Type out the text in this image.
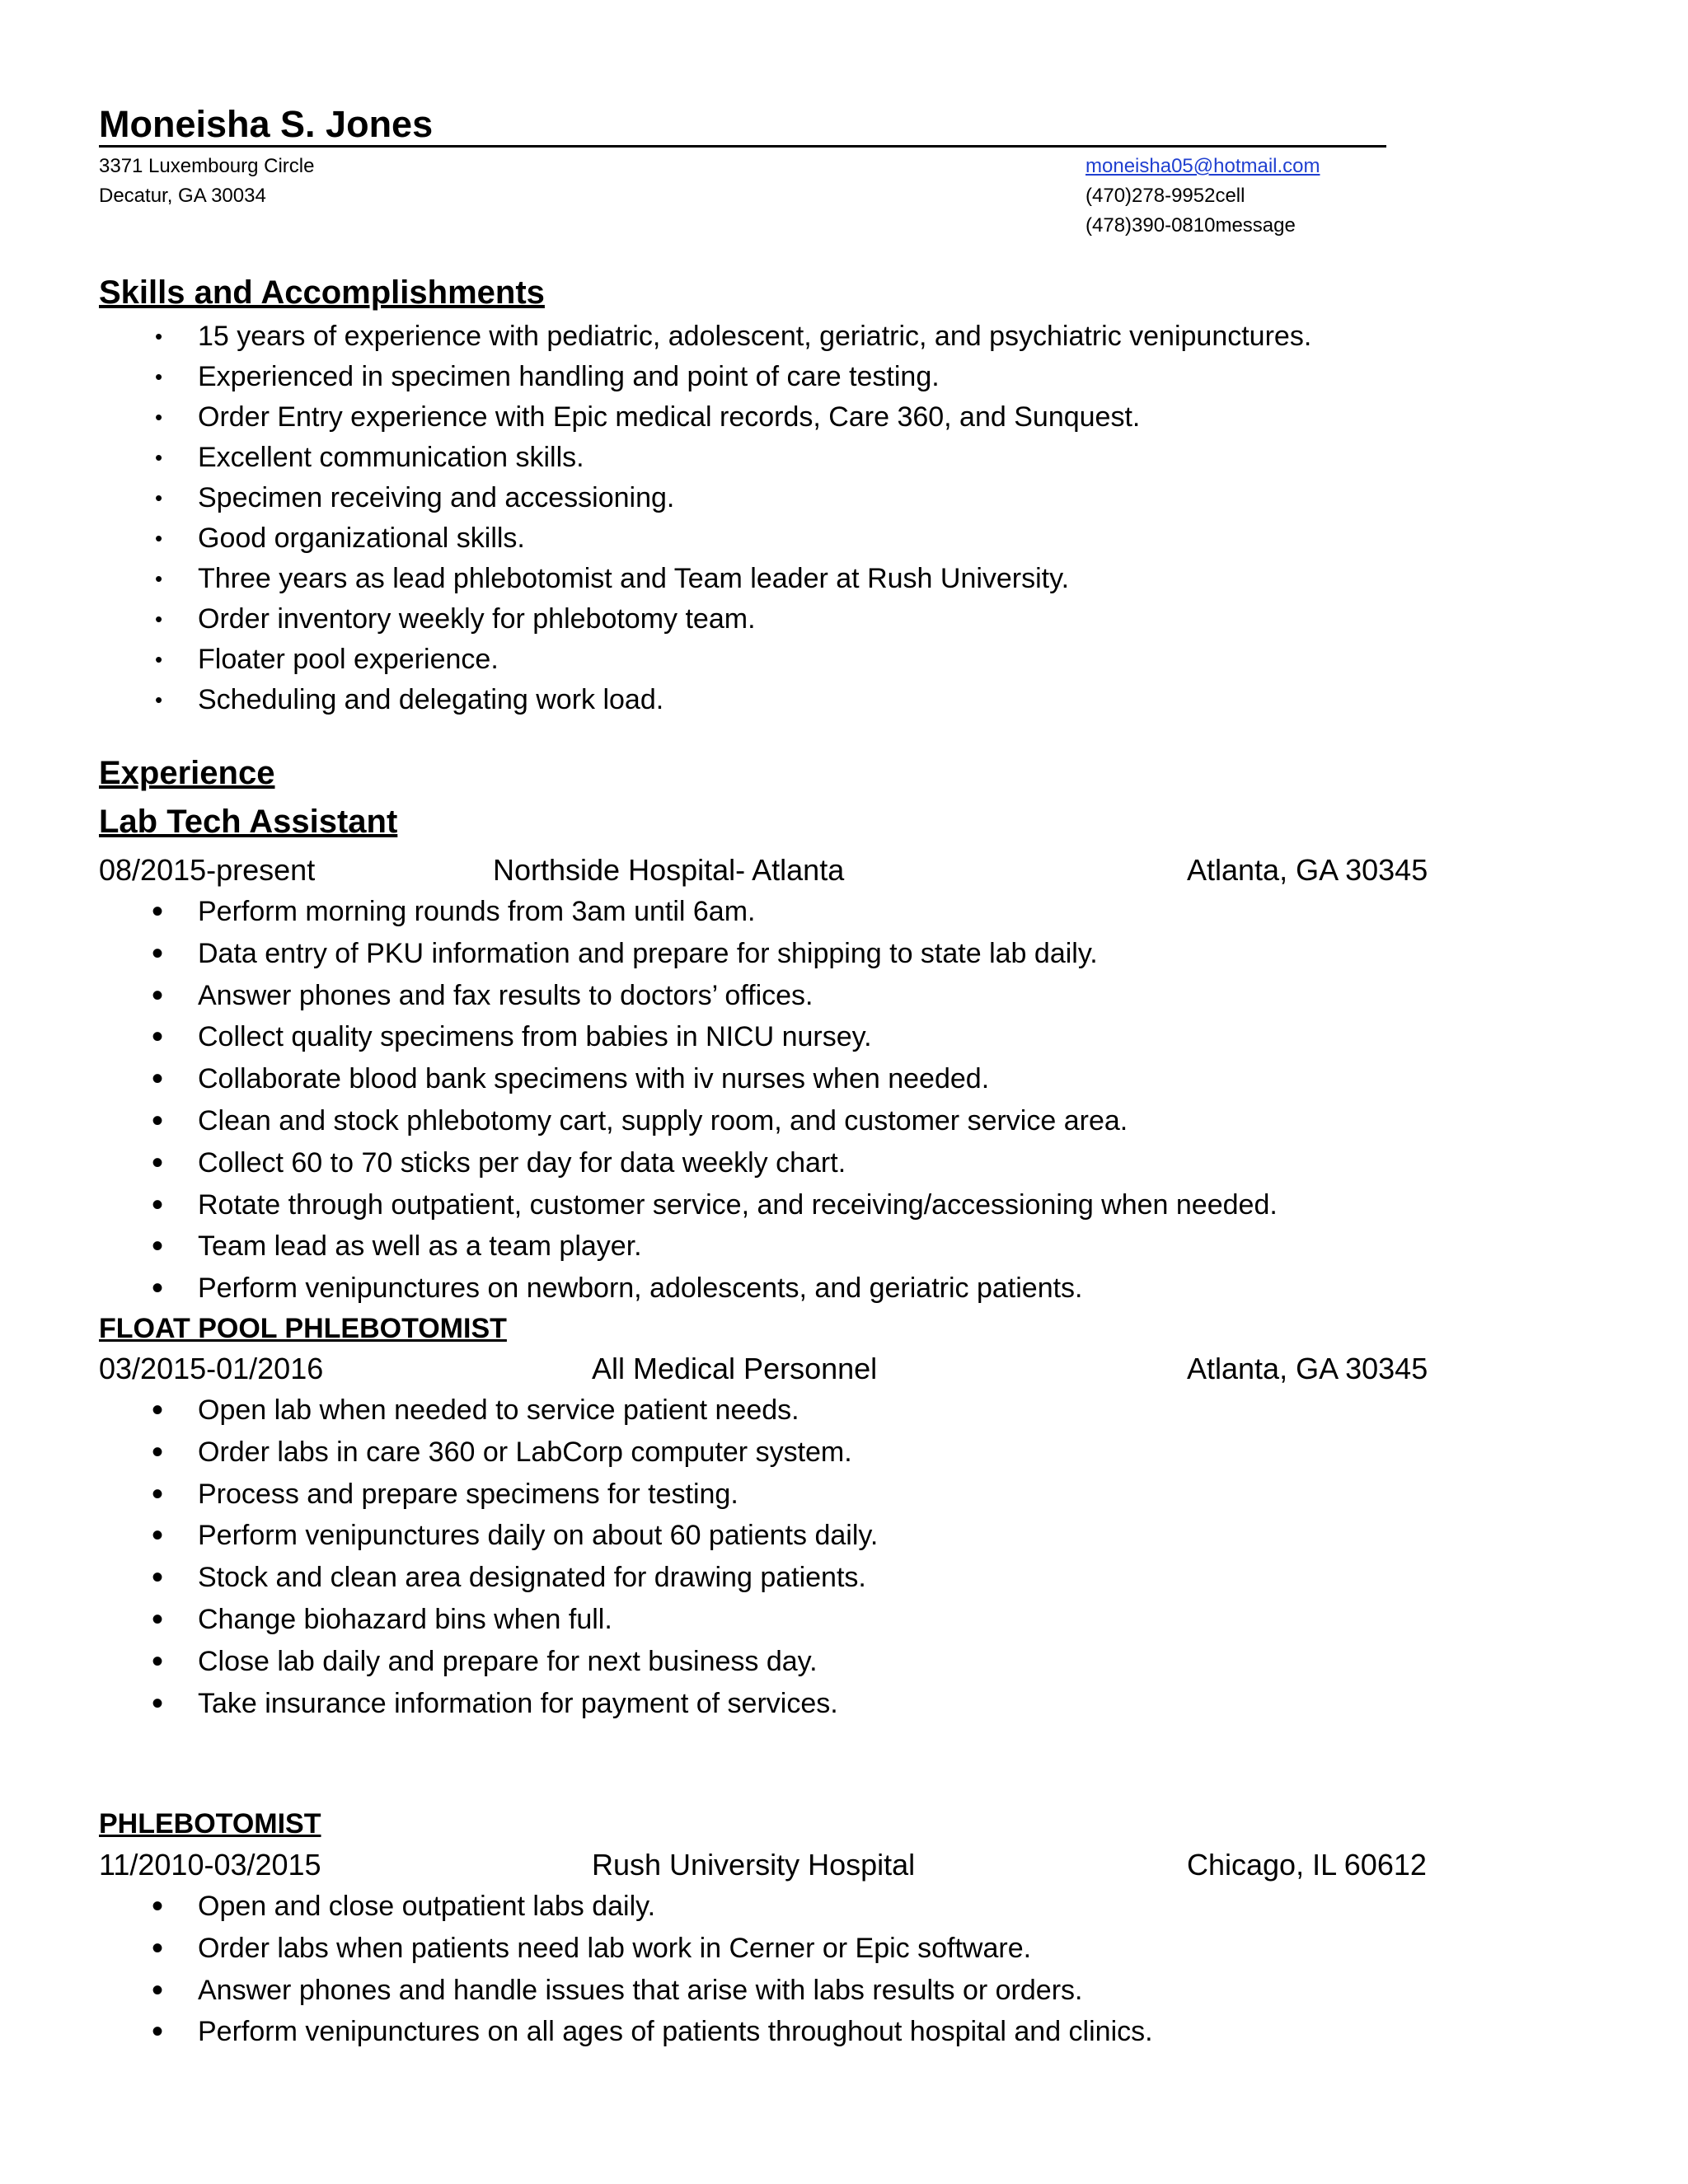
Moneisha S. Jones
3371 Luxembourg Circle
Decatur, GA 30034
moneisha05@hotmail.com
(470)278-9952cell
(478)390-0810message
Skills and Accomplishments
• 15 years of experience with pediatric, adolescent, geriatric, and psychiatric venipunctures.
• Experienced in specimen handling and point of care testing.
• Order Entry experience with Epic medical records, Care 360, and Sunquest.
• Excellent communication skills.
• Specimen receiving and accessioning.
• Good organizational skills.
• Three years as lead phlebotomist and Team leader at Rush University.
• Order inventory weekly for phlebotomy team.
• Floater pool experience.
• Scheduling and delegating work load.
Experience
Lab Tech Assistant
08/2015-present	Northside Hospital- Atlanta	Atlanta, GA 30345
• Perform morning rounds from 3am until 6am.
• Data entry of PKU information and prepare for shipping to state lab daily.
• Answer phones and fax results to doctors’ offices.
• Collect quality specimens from babies in NICU nursey.
• Collaborate blood bank specimens with iv nurses when needed.
• Clean and stock phlebotomy cart, supply room, and customer service area.
• Collect 60 to 70 sticks per day for data weekly chart.
• Rotate through outpatient, customer service, and receiving/accessioning when needed.
• Team lead as well as a team player.
• Perform venipunctures on newborn, adolescents, and geriatric patients.
FLOAT POOL PHLEBOTOMIST
03/2015-01/2016	All Medical Personnel	Atlanta, GA 30345
• Open lab when needed to service patient needs.
• Order labs in care 360 or LabCorp computer system.
• Process and prepare specimens for testing.
• Perform venipunctures daily on about 60 patients daily.
• Stock and clean area designated for drawing patients.
• Change biohazard bins when full.
• Close lab daily and prepare for next business day.
• Take insurance information for payment of services.
PHLEBOTOMIST
11/2010-03/2015	Rush University Hospital	Chicago, IL 60612
• Open and close outpatient labs daily.
• Order labs when patients need lab work in Cerner or Epic software.
• Answer phones and handle issues that arise with labs results or orders.
• Perform venipunctures on all ages of patients throughout hospital and clinics.
